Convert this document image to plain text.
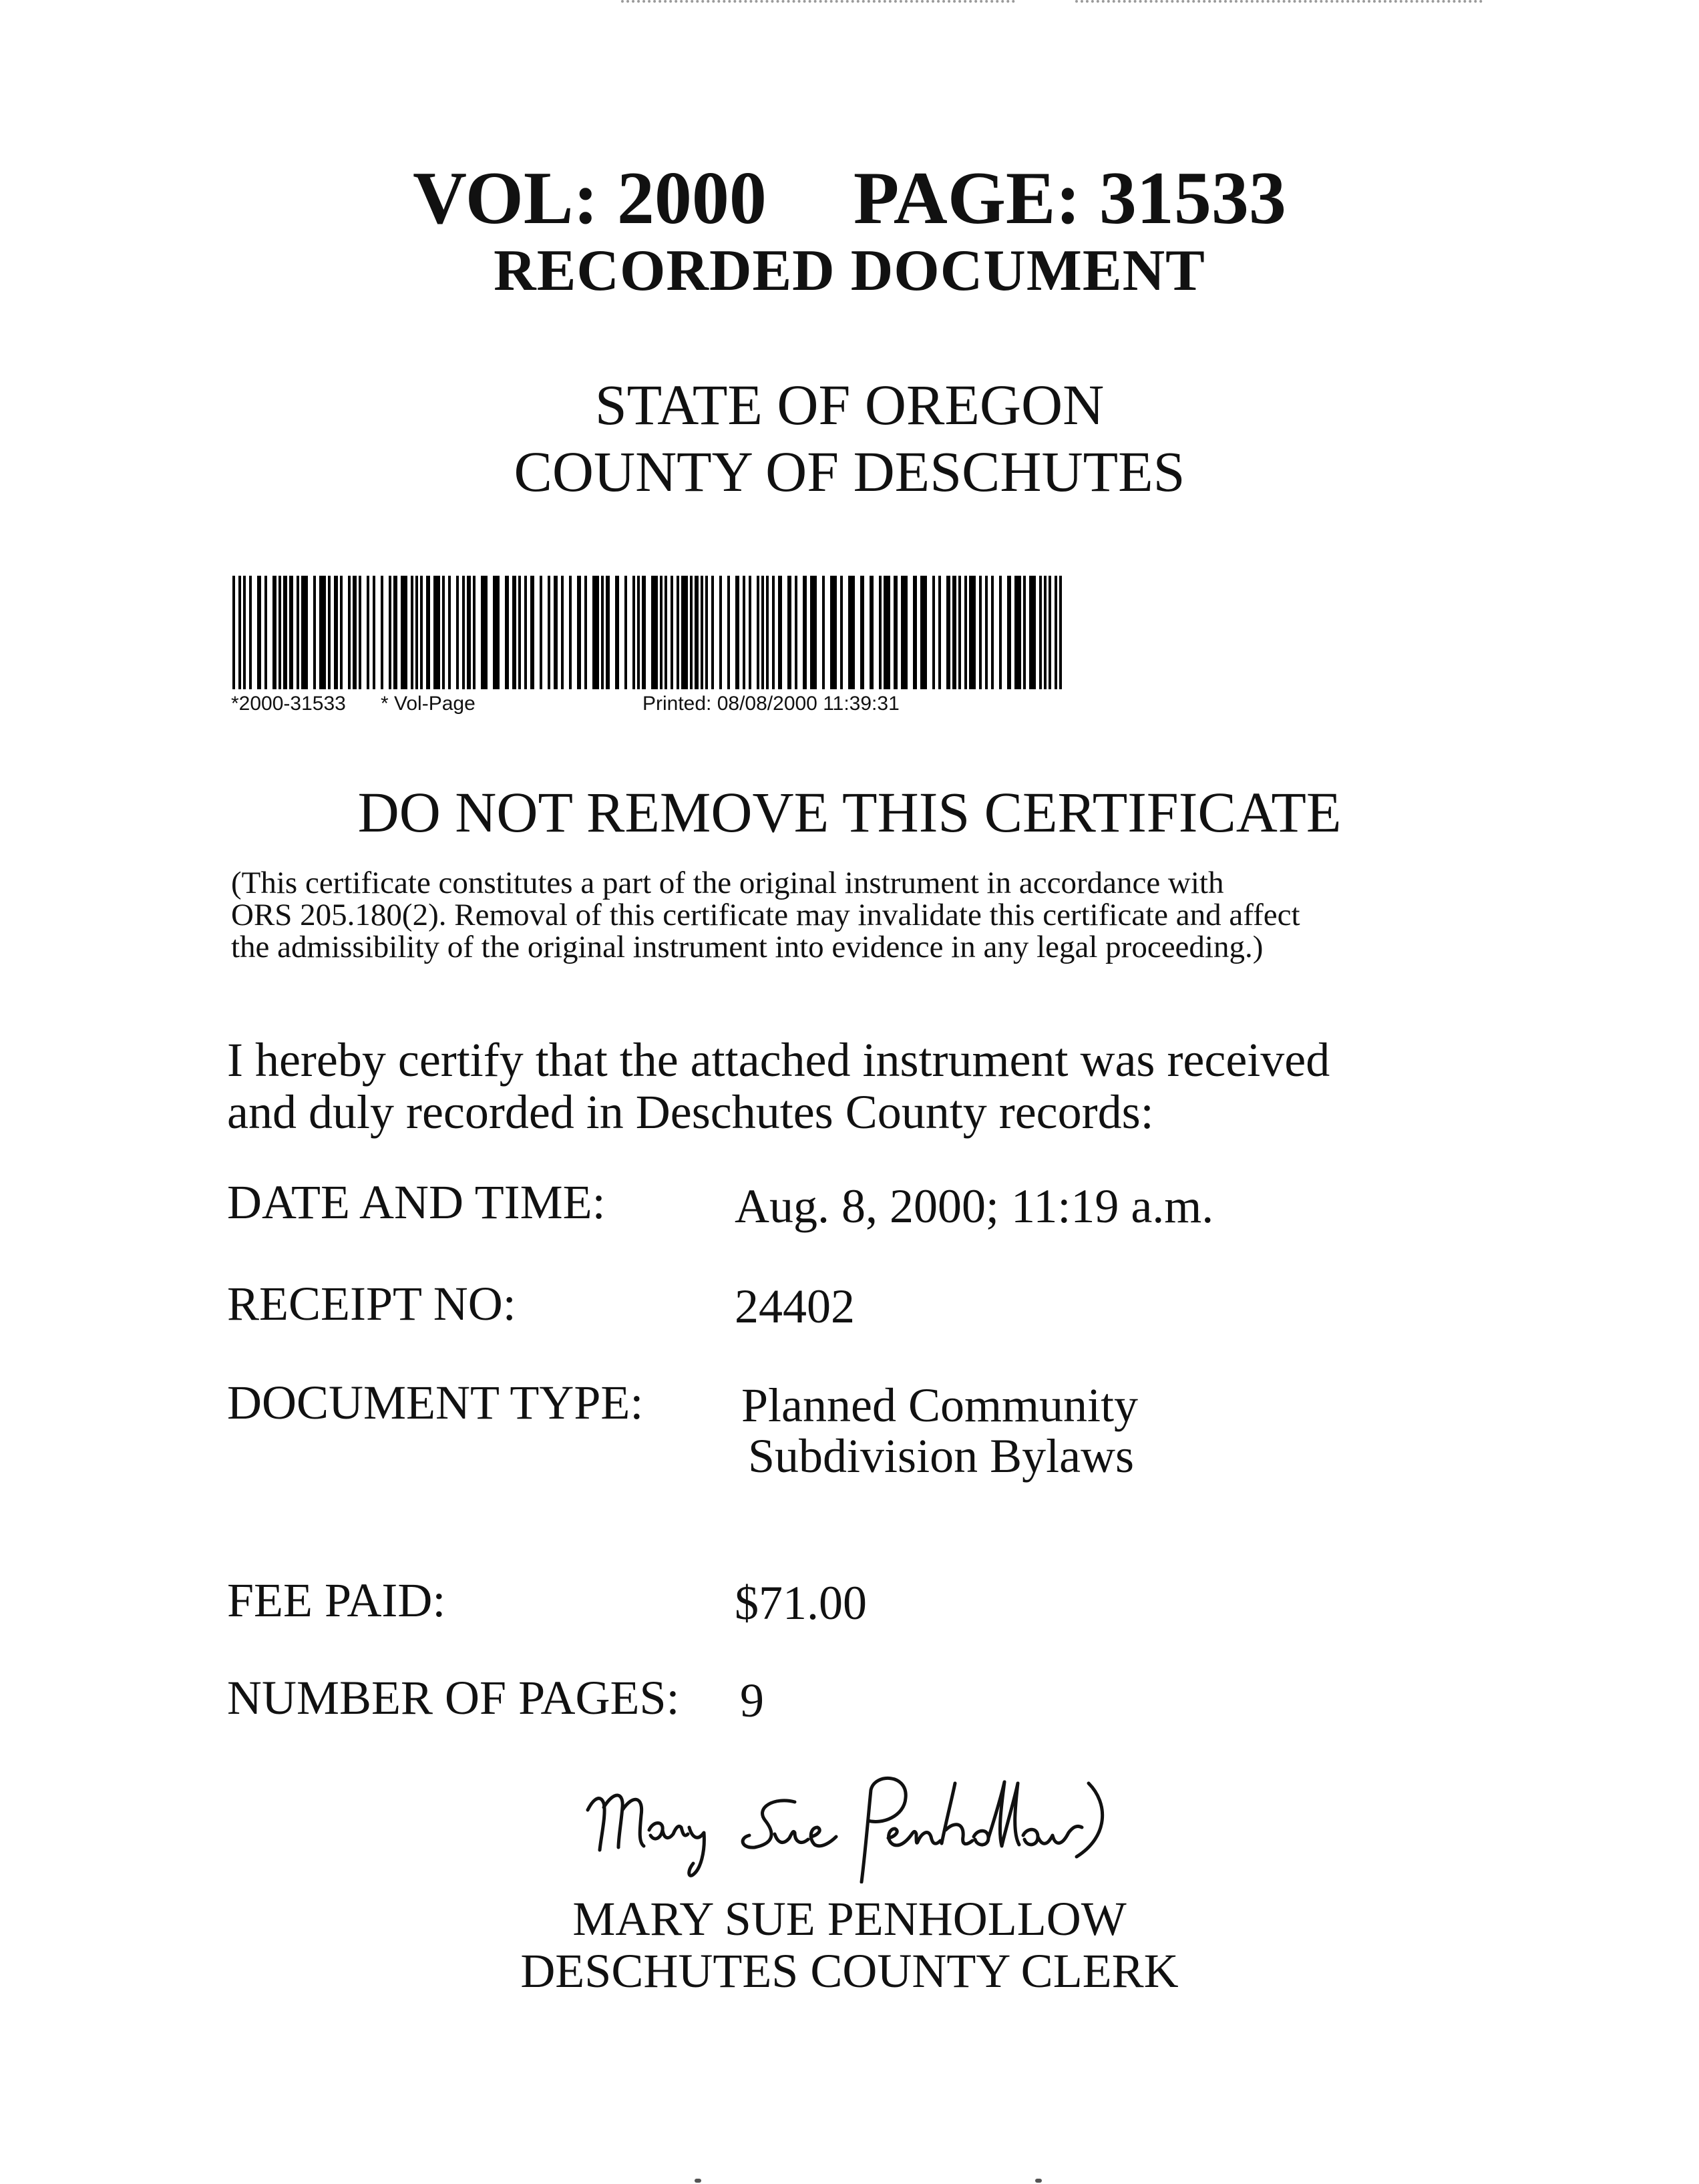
VOL: 2000 PAGE: 31533
RECORDED DOCUMENT
STATE OF OREGON
COUNTY OF DESCHUTES
*2000-31533 * Vol-Page	Printed: 08/08/2000 11:39:31
DO NOT REMOVE THIS CERTIFICATE
(This certificate constitutes a part of the original instrument in accordance with
ORS 205.180(2). Removal of this certificate may invalidate this certificate and affect
the admissibility of the original instrument into evidence in any legal proceeding.)
I hereby certify that the attached instrument was received
and duly recorded in Deschutes County records:
DATE AND TIME:	Aug. 8, 2000; 11:19 a.m.
RECEIPT NO:	24402
DOCUMENT TYPE: Planned Community
Subdivision Bylaws
FEE PAID:	$71.00
NUMBER OF PAGES: 9
MARY SUE PENHOLLOW
DESCHUTES COUNTY CLERK
